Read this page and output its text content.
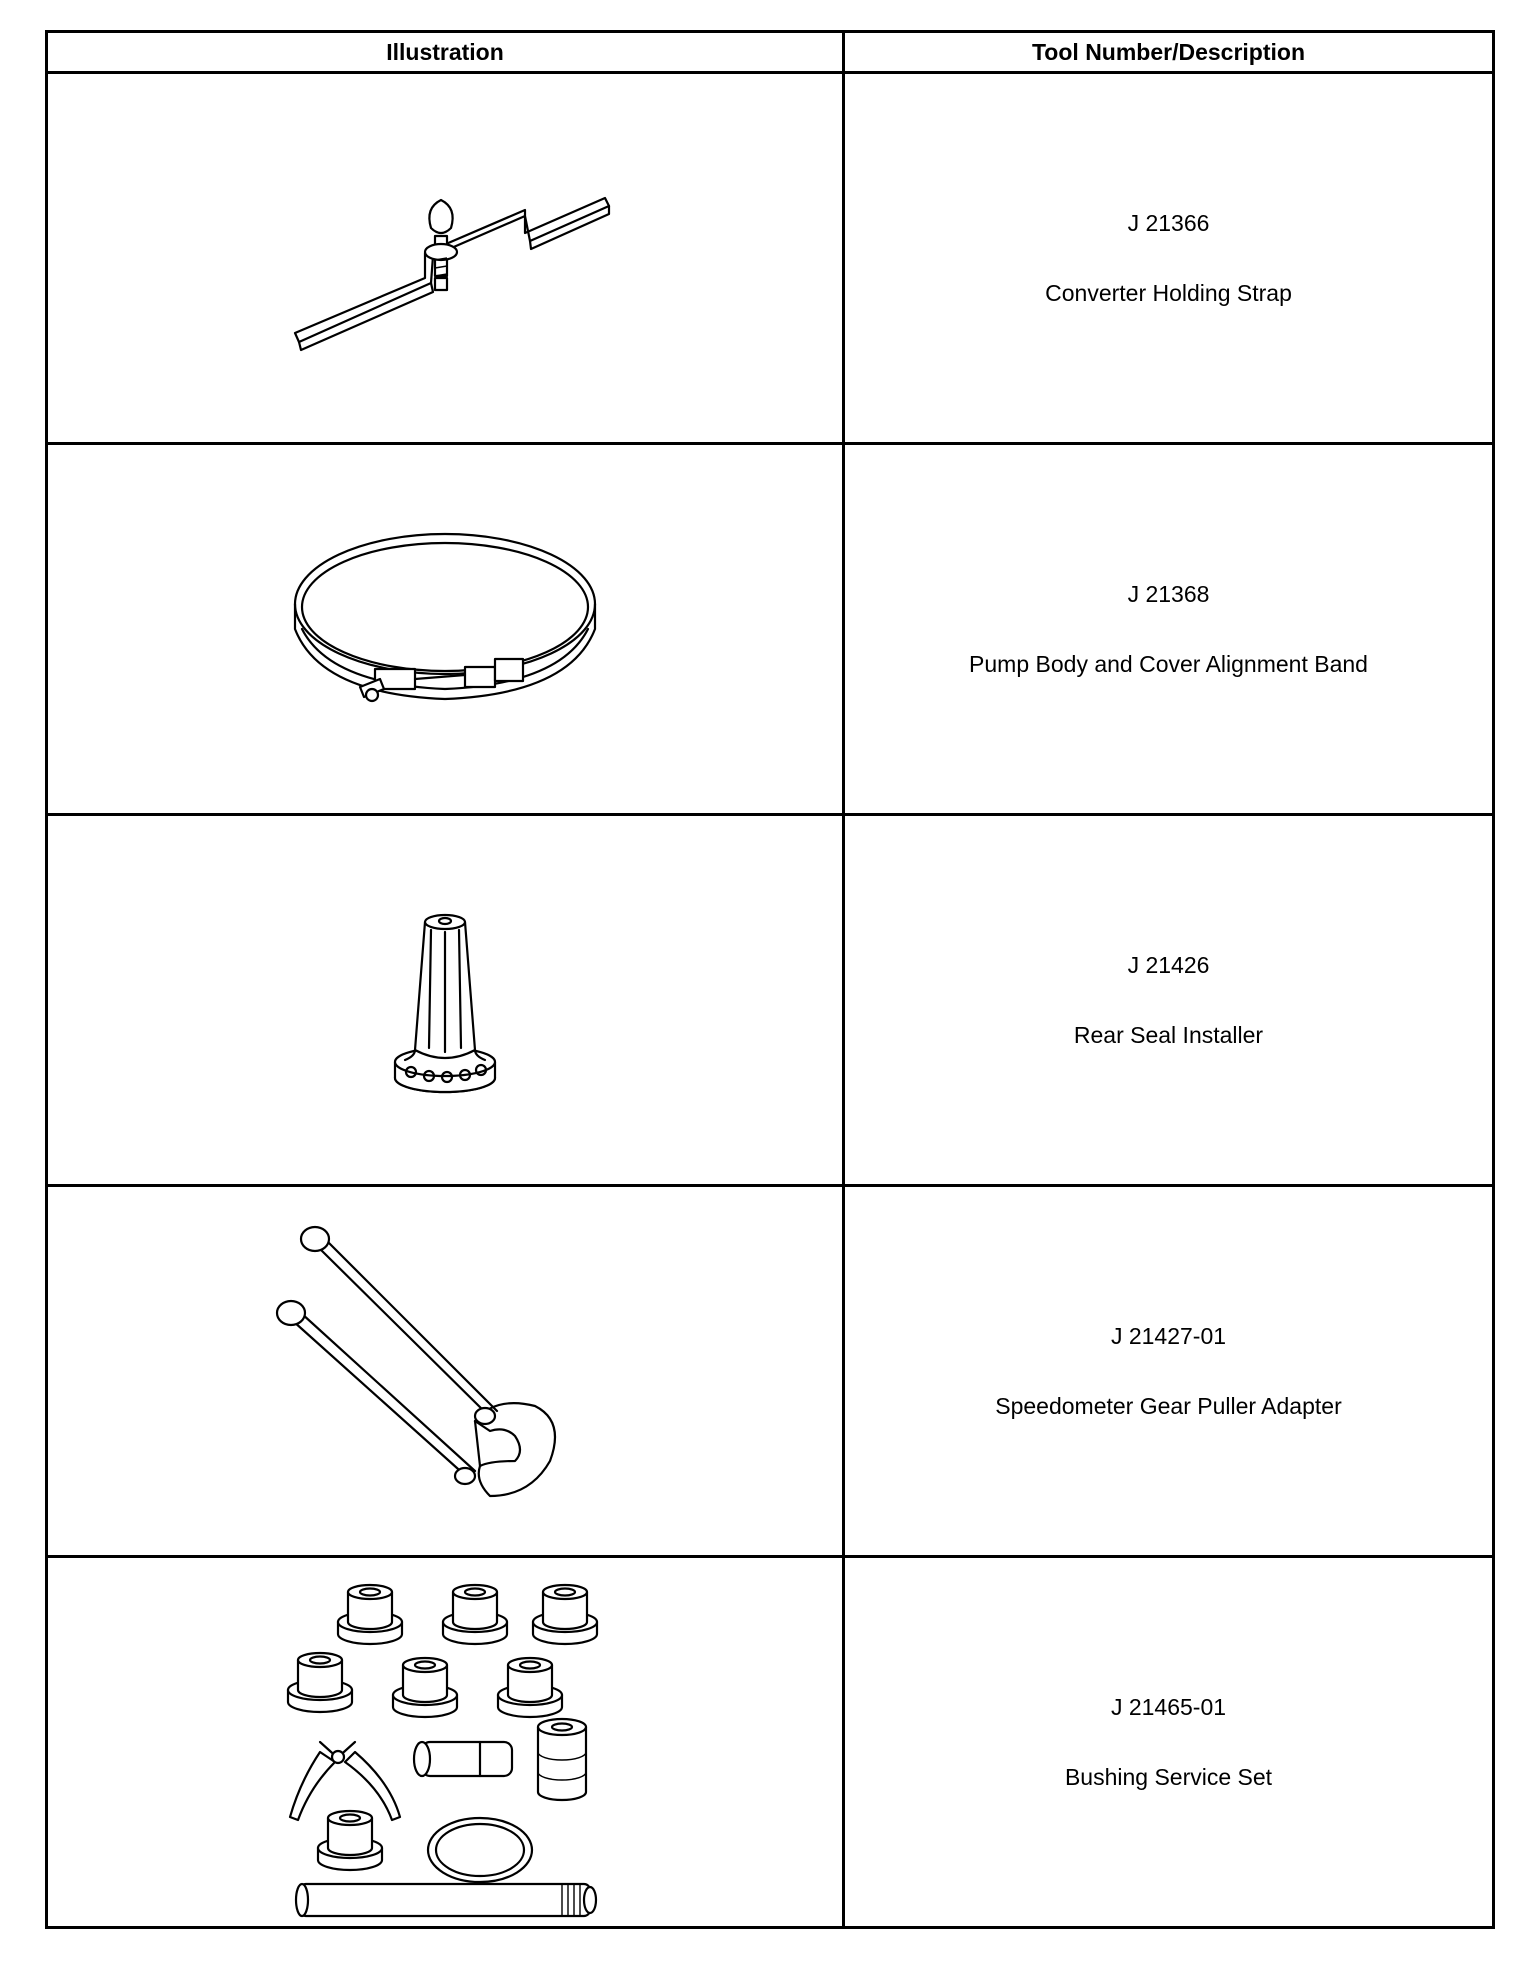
Illustration	Tool Number/Description

J 21366
Converter Holding Strap

J 21368
Pump Body and Cover Alignment Band

J 21426
Rear Seal Installer

J 21427-01
Speedometer Gear Puller Adapter

J 21465-01
Bushing Service Set
